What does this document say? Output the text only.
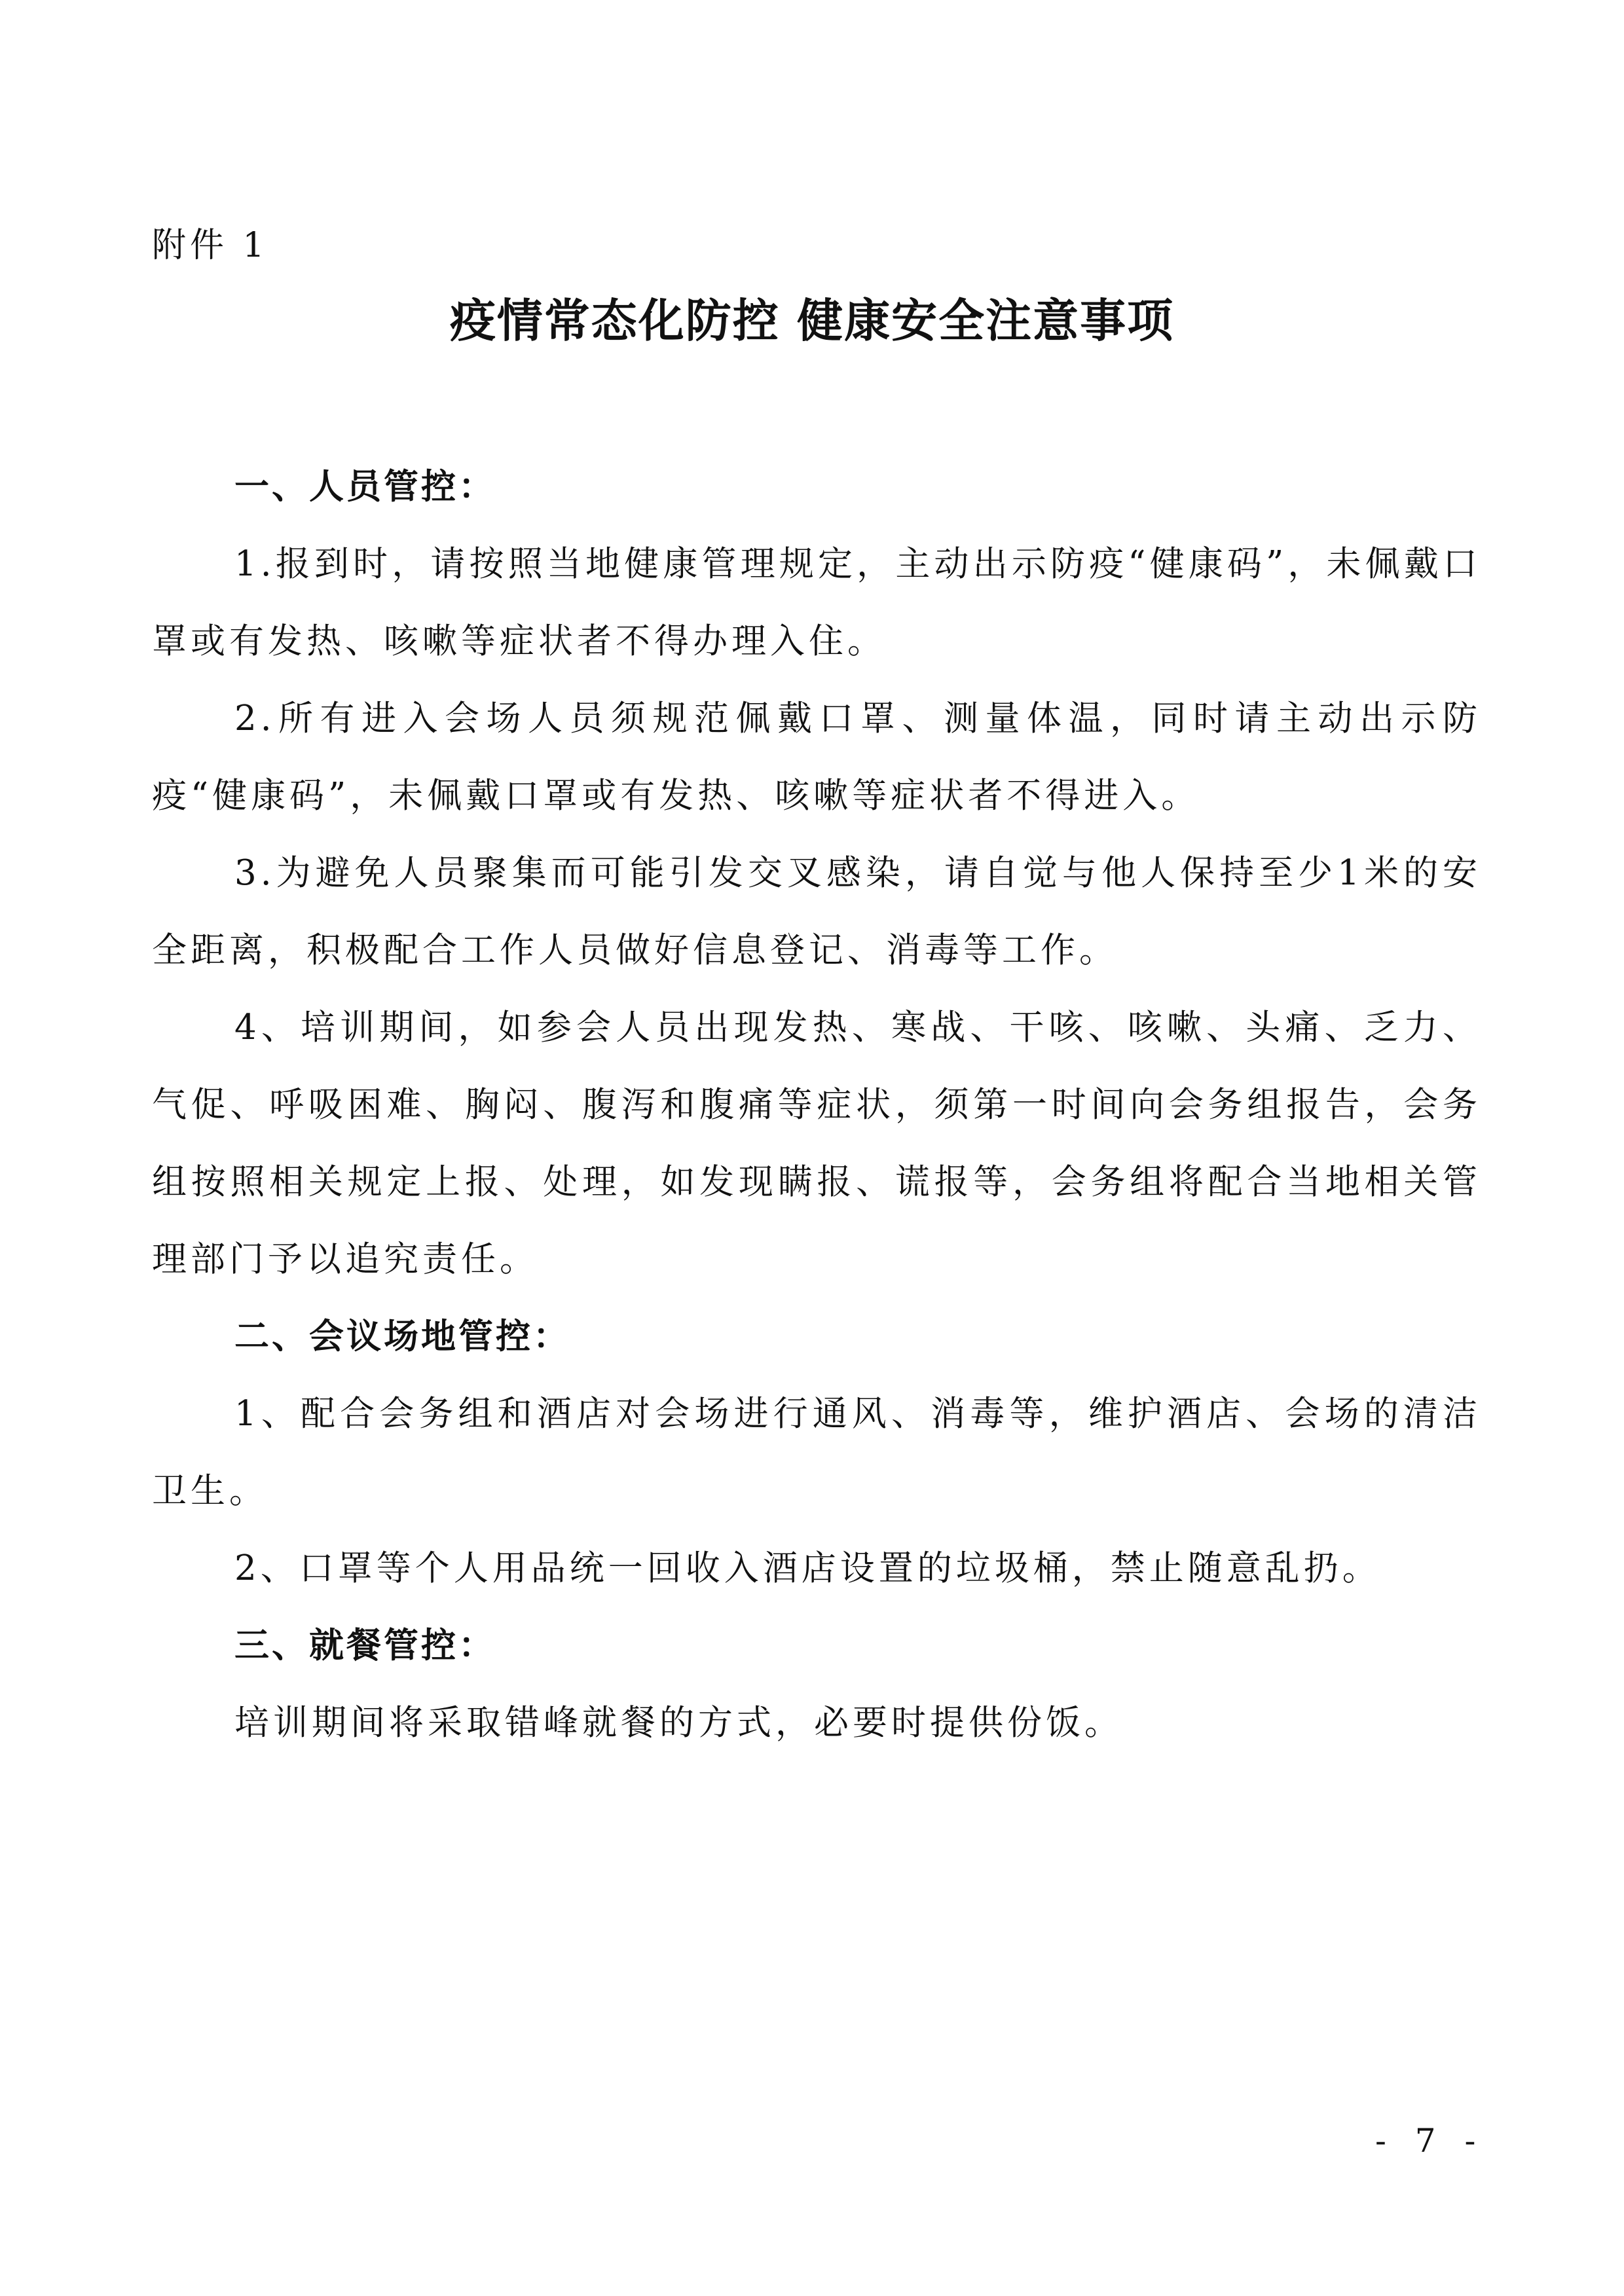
附件 1
疫情常态化防控 健康安全注意事项

一、人员管控：

1.报到时，请按照当地健康管理规定，主动出示防疫“健康码”，未佩戴口罩或有发热、咳嗽等症状者不得办理入住。

2.所有进入会场人员须规范佩戴口罩、测量体温，同时请主动出示防疫“健康码”，未佩戴口罩或有发热、咳嗽等症状者不得进入。

3.为避免人员聚集而可能引发交叉感染，请自觉与他人保持至少1米的安全距离，积极配合工作人员做好信息登记、消毒等工作。

4、培训期间，如参会人员出现发热、寒战、干咳、咳嗽、头痛、乏力、气促、呼吸困难、胸闷、腹泻和腹痛等症状，须第一时间向会务组报告，会务组按照相关规定上报、处理，如发现瞒报、谎报等，会务组将配合当地相关管理部门予以追究责任。

二、会议场地管控：

1、配合会务组和酒店对会场进行通风、消毒等，维护酒店、会场的清洁卫生。

2、口罩等个人用品统一回收入酒店设置的垃圾桶，禁止随意乱扔。

三、就餐管控：

培训期间将采取错峰就餐的方式，必要时提供份饭。

- 7 -
